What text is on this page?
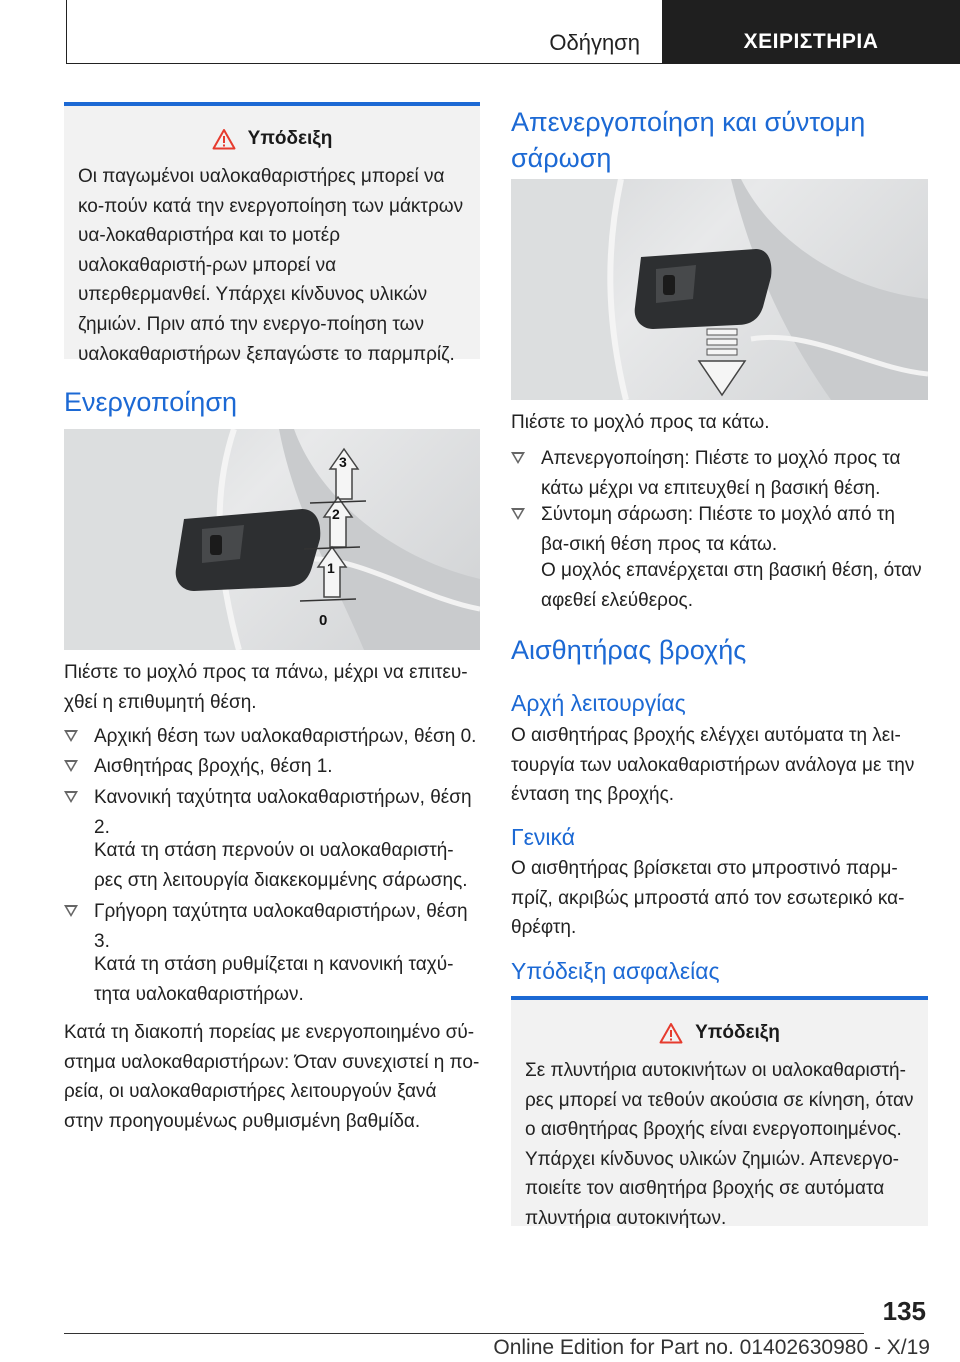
Οδήγηση	ΧΕΙΡΙΣΤΗΡΙΑ
Υπόδειξη
Οι παγωμένοι υαλοκαθαριστήρες μπορεί να κο-πούν κατά την ενεργοποίηση των μάκτρων υα-λοκαθαριστήρα και το μοτέρ υαλοκαθαριστή-ρων μπορεί να υπερθερμανθεί. Υπάρχει κίνδυνος υλικών ζημιών. Πριν από την ενεργο-ποίηση των υαλοκαθαριστήρων ξεπαγώστε το παρμπρίζ.
Ενεργοποίηση
3
2
1
0
Πιέστε το μοχλό προς τα πάνω, μέχρι να επιτευ-χθεί η επιθυμητή θέση.
Αρχική θέση των υαλοκαθαριστήρων, θέση 0.
Αισθητήρας βροχής, θέση 1.
Κανονική ταχύτητα υαλοκαθαριστήρων, θέση 2.
Κατά τη στάση περνούν οι υαλοκαθαριστή-ρες στη λειτουργία διακεκομμένης σάρωσης.
Γρήγορη ταχύτητα υαλοκαθαριστήρων, θέση 3.
Κατά τη στάση ρυθμίζεται η κανονική ταχύ-τητα υαλοκαθαριστήρων.
Κατά τη διακοπή πορείας με ενεργοποιημένο σύ-στημα υαλοκαθαριστήρων: Όταν συνεχιστεί η πο-ρεία, οι υαλοκαθαριστήρες λειτουργούν ξανά στην προηγουμένως ρυθμισμένη βαθμίδα.
Απενεργοποίηση και σύντομη σάρωση
Πιέστε το μοχλό προς τα κάτω.
Απενεργοποίηση: Πιέστε το μοχλό προς τα κάτω μέχρι να επιτευχθεί η βασική θέση.
Σύντομη σάρωση: Πιέστε το μοχλό από τη βα-σική θέση προς τα κάτω.
Ο μοχλός επανέρχεται στη βασική θέση, όταν αφεθεί ελεύθερος.
Αισθητήρας βροχής
Αρχή λειτουργίας
Ο αισθητήρας βροχής ελέγχει αυτόματα τη λει-τουργία των υαλοκαθαριστήρων ανάλογα με την ένταση της βροχής.
Γενικά
Ο αισθητήρας βρίσκεται στο μπροστινό παρμ-πρίζ, ακριβώς μπροστά από τον εσωτερικό κα-θρέφτη.
Υπόδειξη ασφαλείας
Υπόδειξη
Σε πλυντήρια αυτοκινήτων οι υαλοκαθαριστή-ρες μπορεί να τεθούν ακούσια σε κίνηση, όταν ο αισθητήρας βροχής είναι ενεργοποιημένος. Υπάρχει κίνδυνος υλικών ζημιών. Απενεργο-ποιείτε τον αισθητήρα βροχής σε αυτόματα πλυντήρια αυτοκινήτων.
135
Online Edition for Part no. 01402630980 - X/19
